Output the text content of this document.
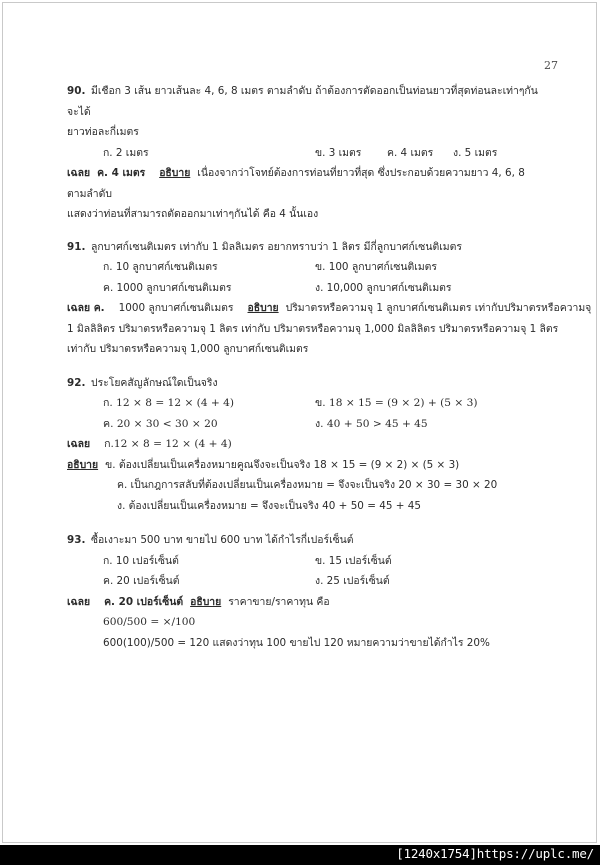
27
90. มีเชือก 3 เส้น ยาวเส้นละ 4, 6, 8 เมตร ตามลำดับ ถ้าต้องการตัดออกเป็นท่อนยาวที่สุดท่อนละเท่าๆกัน จะได้
ยาวท่อละกี่เมตร
ก. 2 เมตร	ข. 3 เมตร ค. 4 เมตร ง. 5 เมตร
เฉลย ค. 4 เมตร อธิบาย เนื่องจากว่าโจทย์ต้องการท่อนที่ยาวที่สุด ซึ่งประกอบด้วยความยาว 4, 6, 8 ตามลำดับ
แสดงว่าท่อนที่สามารถตัดออกมาเท่าๆกันได้ คือ 4 นั้นเอง
91. ลูกบาศก์เซนติเมตร เท่ากับ 1 มิลลิเมตร อยากทราบว่า 1 ลิตร มีกี่ลูกบาศก์เซนติเมตร
ก. 10 ลูกบาศก์เซนติเมตร	ข. 100 ลูกบาศก์เซนติเมตร
ค. 1000 ลูกบาศก์เซนติเมตร	ง. 10,000 ลูกบาศก์เซนติเมตร
เฉลย ค. 1000 ลูกบาศก์เซนติเมตร อธิบาย ปริมาตรหรือความจุ 1 ลูกบาศก์เซนติเมตร เท่ากับปริมาตรหรือความจุ
1 มิลลิลิตร ปริมาตรหรือความจุ 1 ลิตร เท่ากับ ปริมาตรหรือความจุ 1,000 มิลลิลิตร ปริมาตรหรือความจุ 1 ลิตร
เท่ากับ ปริมาตรหรือความจุ 1,000 ลูกบาศก์เซนติเมตร
92. ประโยคสัญลักษณ์ใดเป็นจริง
ก. 12 × 8 = 12 × (4 + 4)	ข. 18 × 15 = (9 × 2) + (5 × 3)
ค. 20 × 30 < 30 × 20	ง. 40 + 50 > 45 + 45
เฉลย ก.12 × 8 = 12 × (4 + 4)
อธิบาย ข. ต้องเปลี่ยนเป็นเครื่องหมายคูณจึงจะเป็นจริง 18 × 15 = (9 × 2) × (5 × 3)
ค. เป็นกฎการสลับที่ต้องเปลี่ยนเป็นเครื่องหมาย = จึงจะเป็นจริง 20 × 30 = 30 × 20
ง. ต้องเปลี่ยนเป็นเครื่องหมาย = จึงจะเป็นจริง 40 + 50 = 45 + 45
93. ซื้อเงาะมา 500 บาท ขายไป 600 บาท ได้กำไรกี่เปอร์เซ็นต์
ก. 10 เปอร์เซ็นต์	ข. 15 เปอร์เซ็นต์
ค. 20 เปอร์เซ็นต์	ง. 25 เปอร์เซ็นต์
เฉลย ค. 20 เปอร์เซ็นต์ อธิบาย ราคาขาย/ราคาทุน คือ
600/500 = ×/100
600(100)/500 = 120 แสดงว่าทุน 100 ขายไป 120 หมายความว่าขายได้กำไร 20%
[1240x1754]https://uplc.me/
